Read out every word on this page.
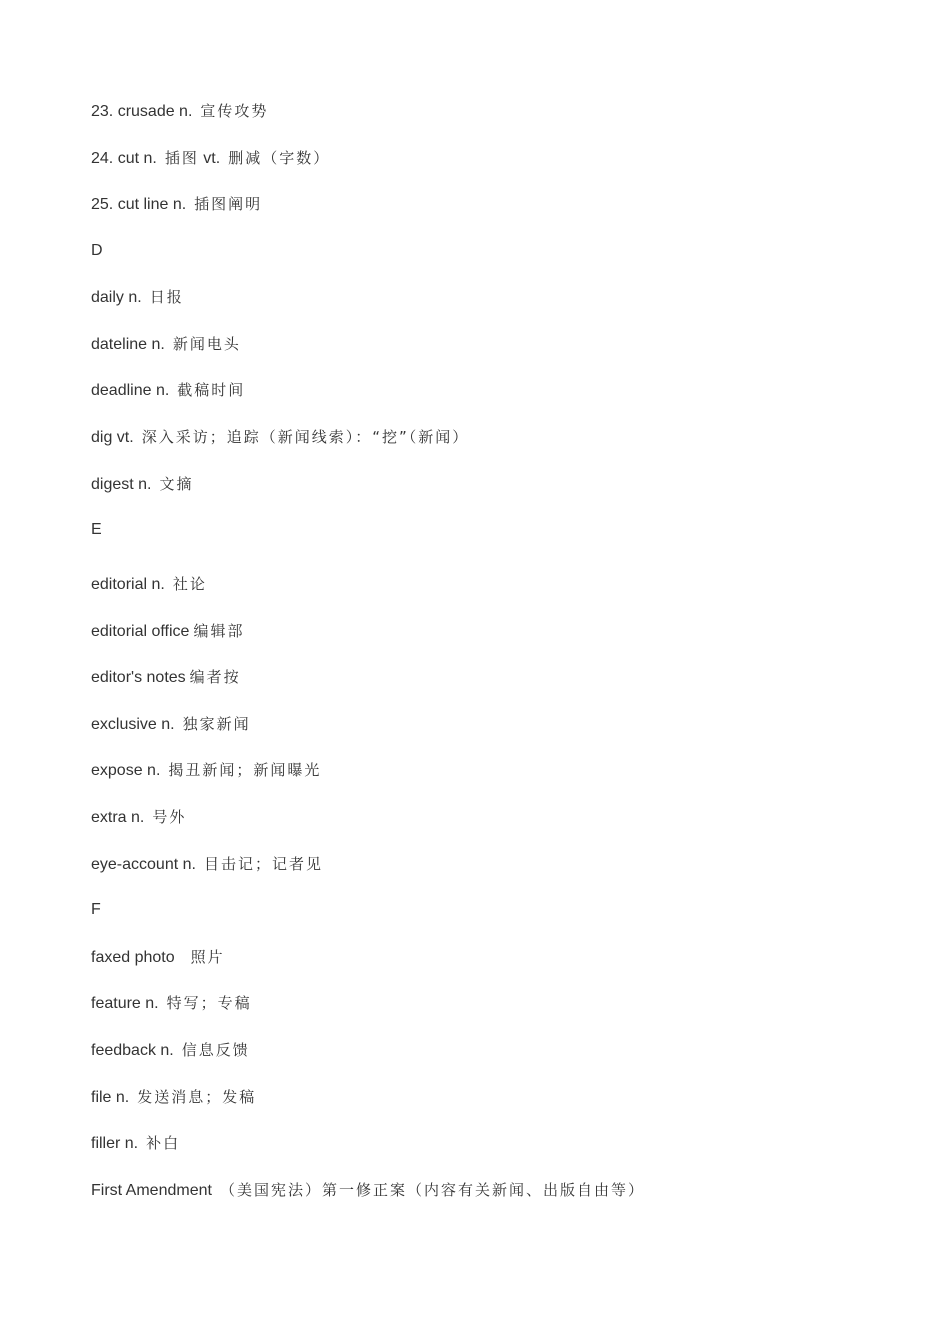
23. crusade n. 宣传攻势
24. cut n. 插图 vt. 删减（字数）
25. cut line n. 插图阐明
D
daily n. 日报
dateline n. 新闻电头
deadline n. 截稿时间
dig vt. 深入采访；追踪（新闻线索）：“挖”（新闻）
digest n. 文摘
E
editorial n. 社论
editorial office 编辑部
editor's notes 编者按
exclusive n. 独家新闻
expose n. 揭丑新闻；新闻曝光
extra n. 号外
eye-account n. 目击记；记者见
F
faxed photo 照片
feature n. 特写；专稿
feedback n. 信息反馈
file n. 发送消息；发稿
filler n. 补白
First Amendment （美国宪法）第一修正案（内容有关新闻、出版自由等）
